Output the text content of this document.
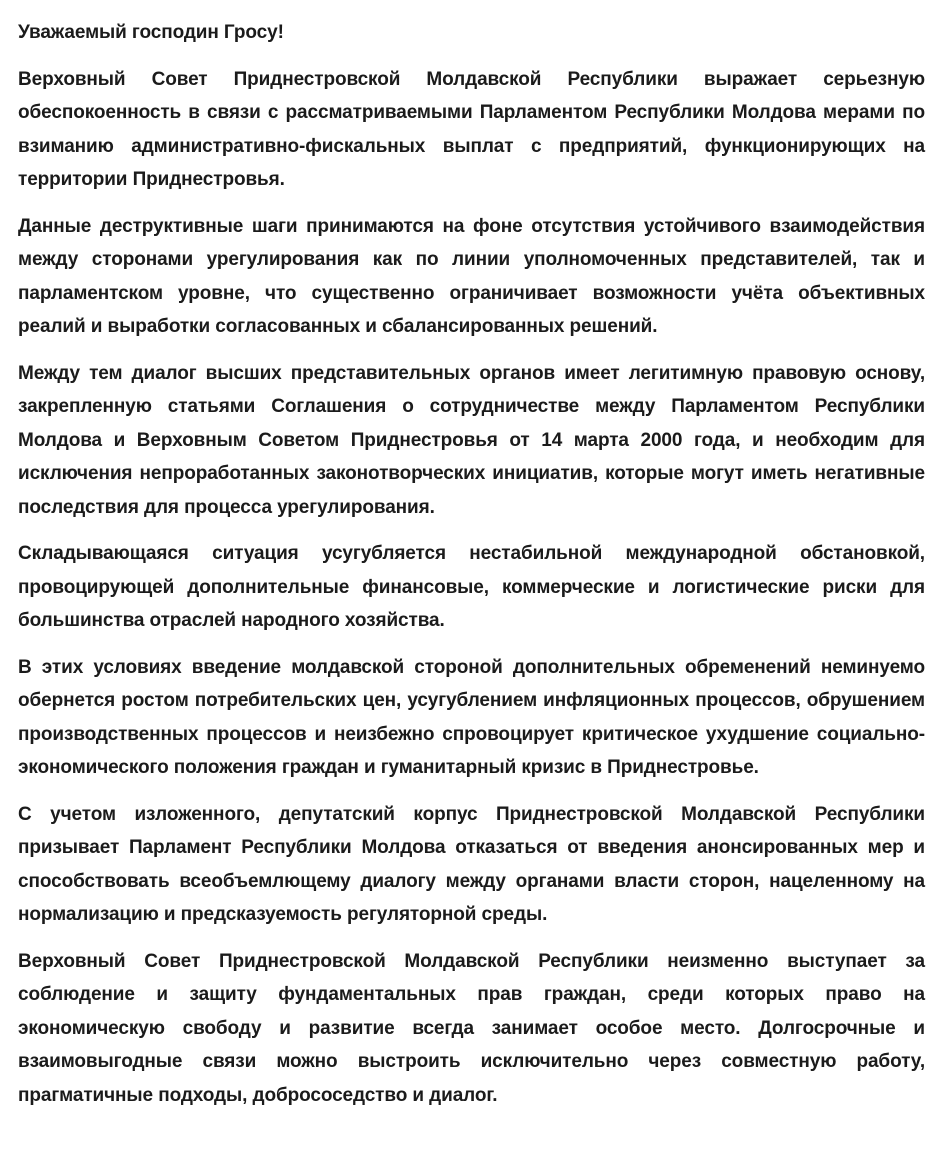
Уважаемый господин Гросу!

Верховный Совет Приднестровской Молдавской Республики выражает серьезную обеспокоенность в связи с рассматриваемыми Парламентом Республики Молдова мерами по взиманию административно-фискальных выплат с предприятий, функционирующих на территории Приднестровья.

Данные деструктивные шаги принимаются на фоне отсутствия устойчивого взаимодействия между сторонами урегулирования как по линии уполномоченных представителей, так и парламентском уровне, что существенно ограничивает возможности учёта объективных реалий и выработки согласованных и сбалансированных решений.

Между тем диалог высших представительных органов имеет легитимную правовую основу, закрепленную статьями Соглашения о сотрудничестве между Парламентом Республики Молдова и Верховным Советом Приднестровья от 14 марта 2000 года, и необходим для исключения непроработанных законотворческих инициатив, которые могут иметь негативные последствия для процесса урегулирования.

Складывающаяся ситуация усугубляется нестабильной международной обстановкой, провоцирующей дополнительные финансовые, коммерческие и логистические риски для большинства отраслей народного хозяйства.

В этих условиях введение молдавской стороной дополнительных обременений неминуемо обернется ростом потребительских цен, усугублением инфляционных процессов, обрушением производственных процессов и неизбежно спровоцирует критическое ухудшение социально-экономического положения граждан и гуманитарный кризис в Приднестровье.

С учетом изложенного, депутатский корпус Приднестровской Молдавской Республики призывает Парламент Республики Молдова отказаться от введения анонсированных мер и способствовать всеобъемлющему диалогу между органами власти сторон, нацеленному на нормализацию и предсказуемость регуляторной среды.

Верховный Совет Приднестровской Молдавской Республики неизменно выступает за соблюдение и защиту фундаментальных прав граждан, среди которых право на экономическую свободу и развитие всегда занимает особое место. Долгосрочные и взаимовыгодные связи можно выстроить исключительно через совместную работу, прагматичные подходы, добрососедство и диалог.
